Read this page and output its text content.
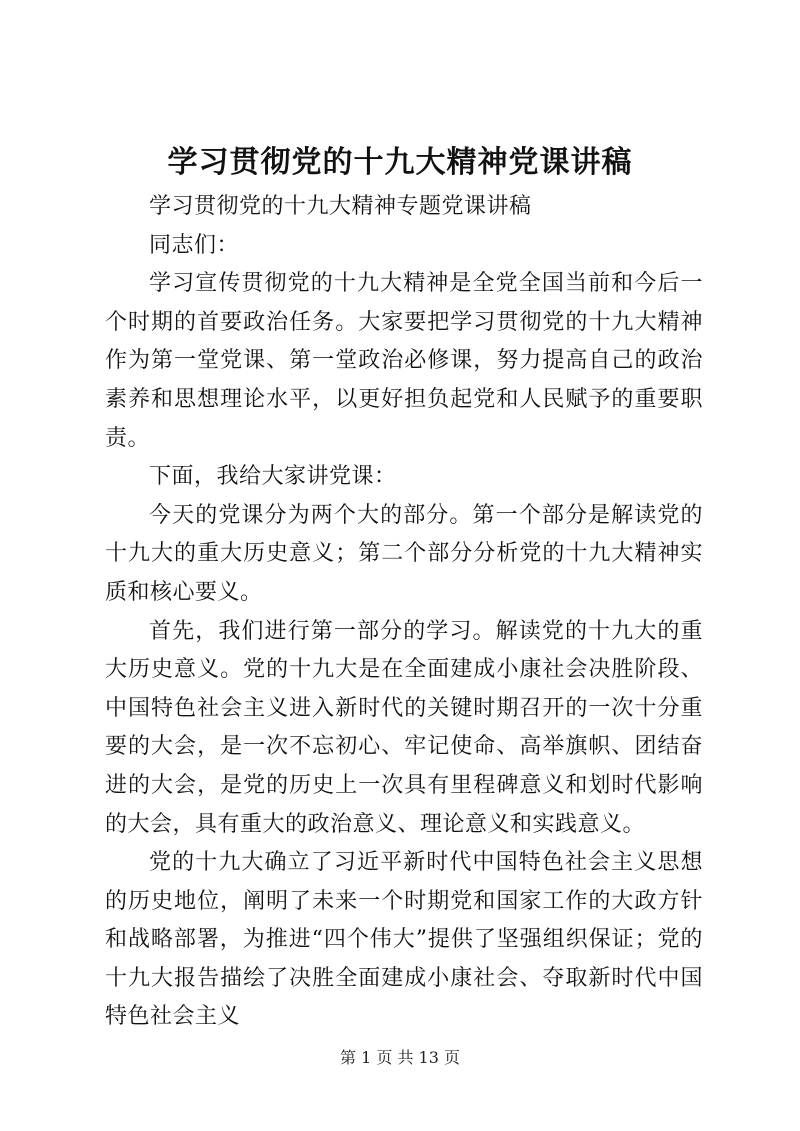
学习贯彻党的十九大精神党课讲稿

学习贯彻党的十九大精神专题党课讲稿

同志们：

学习宣传贯彻党的十九大精神是全党全国当前和今后一个时期的首要政治任务。大家要把学习贯彻党的十九大精神作为第一堂党课、第一堂政治必修课，努力提高自己的政治素养和思想理论水平，以更好担负起党和人民赋予的重要职责。

下面，我给大家讲党课：

今天的党课分为两个大的部分。第一个部分是解读党的十九大的重大历史意义；第二个部分分析党的十九大精神实质和核心要义。

首先，我们进行第一部分的学习。解读党的十九大的重大历史意义。党的十九大是在全面建成小康社会决胜阶段、中国特色社会主义进入新时代的关键时期召开的一次十分重要的大会，是一次不忘初心、牢记使命、高举旗帜、团结奋进的大会，是党的历史上一次具有里程碑意义和划时代影响的大会，具有重大的政治意义、理论意义和实践意义。

党的十九大确立了习近平新时代中国特色社会主义思想的历史地位，阐明了未来一个时期党和国家工作的大政方针和战略部署，为推进“四个伟大”提供了坚强组织保证；党的十九大报告描绘了决胜全面建成小康社会、夺取新时代中国特色社会主义

第 1 页 共 13 页
